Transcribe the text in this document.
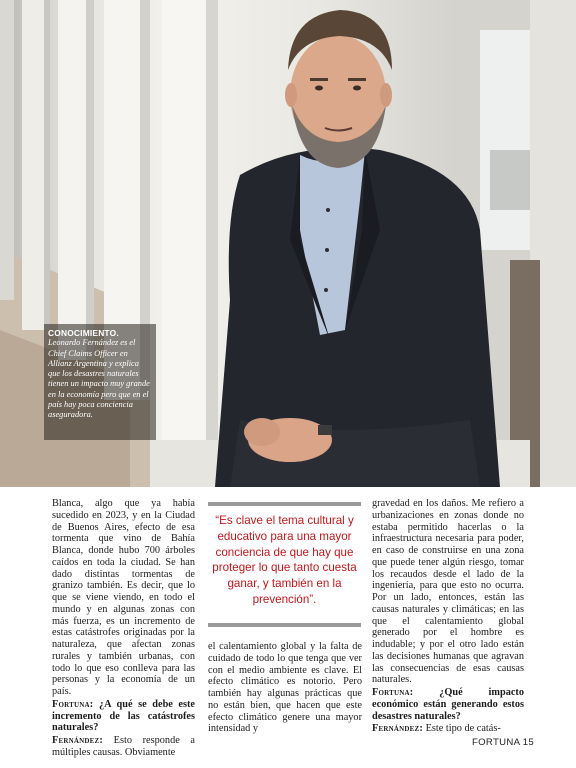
CONOCIMIENTO.
Leonardo Fernández es el Chief Claims Officer en Allianz Argentina y explica que los desastres naturales tienen un impacto muy grande en la economía pero que en el país hay poca conciencia aseguradora.

Blanca, algo que ya había sucedido en 2023, y en la Ciudad de Buenos Aires, efecto de esa tormenta que vino de Bahía Blanca, donde hubo 700 árboles caídos en toda la ciudad. Se han dado distintas tormentas de granizo también. Es decir, que lo que se viene viendo, en todo el mundo y en algunas zonas con más fuerza, es un incremento de estas catástrofes originadas por la naturaleza, que afectan zonas rurales y también urbanas, con todo lo que eso conlleva para las personas y la economía de un país.

Fortuna: ¿A qué se debe este incremento de las catástrofes naturales?

Fernández: Esto responde a múltiples causas. Obviamente

“Es clave el tema cultural y educativo para una mayor conciencia de que hay que proteger lo que tanto cuesta ganar, y también en la prevención”.

el calentamiento global y la falta de cuidado de todo lo que tenga que ver con el medio ambiente es clave. El efecto climático es notorio. Pero también hay algunas prácticas que no están bien, que hacen que este efecto climático genere una mayor intensidad y

gravedad en los daños. Me refiero a urbanizaciones en zonas donde no estaba permitido hacerlas o la infraestructura necesaria para poder, en caso de construirse en una zona que puede tener algún riesgo, tomar los recaudos desde el lado de la ingeniería, para que esto no ocurra. Por un lado, entonces, están las causas naturales y climáticas; en las que el calentamiento global generado por el hombre es indudable; y por el otro lado están las decisiones humanas que agravan las consecuencias de esas causas naturales.

Fortuna:	¿Qué impacto económico están generando estos desastres naturales?

Fernández: Este tipo de catás-

FORTUNA 15
